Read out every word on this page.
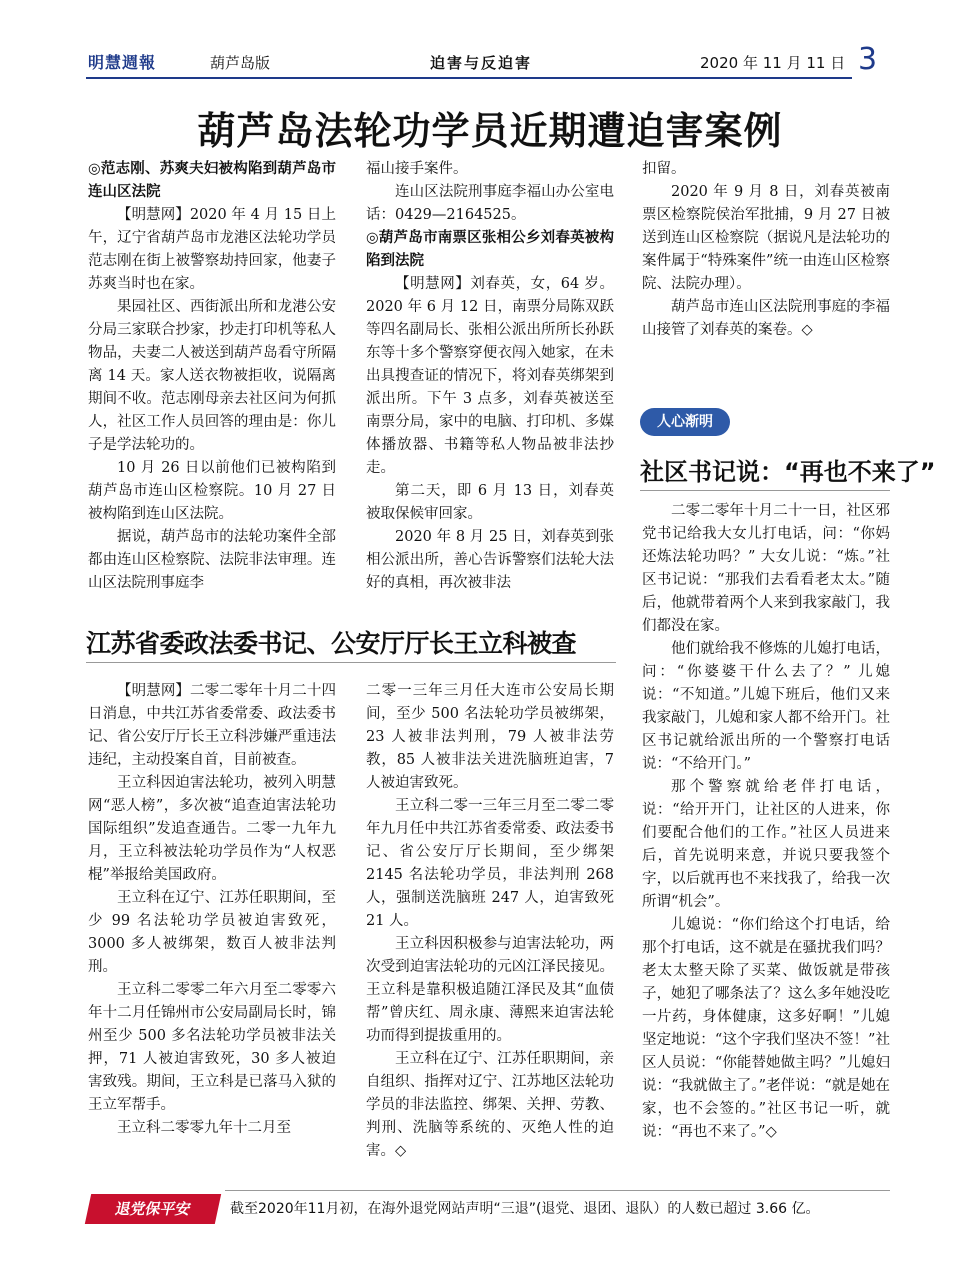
明慧週報	葫芦岛版	迫害与反迫害	2020 年 11 月 11 日 3
葫芦岛法轮功学员近期遭迫害案例

◎范志刚、苏爽夫妇被构陷到葫芦岛市连山区法院

【明慧网】2020 年 4 月 15 日上午，辽宁省葫芦岛市龙港区法轮功学员范志刚在街上被警察劫持回家，他妻子苏爽当时也在家。

果园社区、西街派出所和龙港公安分局三家联合抄家，抄走打印机等私人物品，夫妻二人被送到葫芦岛看守所隔离 14 天。家人送衣物被拒收，说隔离期间不收。范志刚母亲去社区问为何抓人，社区工作人员回答的理由是：你儿子是学法轮功的。

10 月 26 日以前他们已被构陷到葫芦岛市连山区检察院。10 月 27 日被构陷到连山区法院。

据说，葫芦岛市的法轮功案件全部都由连山区检察院、法院非法审理。连山区法院刑事庭李

福山接手案件。

连山区法院刑事庭李福山办公室电话：0429—2164525。

◎葫芦岛市南票区张相公乡刘春英被构陷到法院

【明慧网】刘春英，女，64 岁。2020 年 6 月 12 日，南票分局陈双跃等四名副局长、张相公派出所所长孙跃东等十多个警察穿便衣闯入她家，在未出具搜查证的情况下，将刘春英绑架到派出所。下午 3 点多，刘春英被送至南票分局，家中的电脑、打印机、多媒体播放器、书籍等私人物品被非法抄走。

第二天，即 6 月 13 日，刘春英被取保候审回家。

2020 年 8 月 25 日，刘春英到张相公派出所，善心告诉警察们法轮大法好的真相，再次被非法

扣留。

2020 年 9 月 8 日，刘春英被南票区检察院侯治军批捕，9 月 27 日被送到连山区检察院（据说凡是法轮功的案件属于“特殊案件”统一由连山区检察院、法院办理）。

葫芦岛市连山区法院刑事庭的李福山接管了刘春英的案卷。◇

江苏省委政法委书记、公安厅厅长王立科被查

【明慧网】二零二零年十月二十四日消息，中共江苏省委常委、政法委书记、省公安厅厅长王立科涉嫌严重违法违纪，主动投案自首，目前被查。

王立科因迫害法轮功，被列入明慧网“恶人榜”，多次被“追查迫害法轮功国际组织”发追查通告。二零一九年九月，王立科被法轮功学员作为“人权恶棍”举报给美国政府。

王立科在辽宁、江苏任职期间，至少 99 名法轮功学员被迫害致死，3000 多人被绑架，数百人被非法判刑。

王立科二零零二年六月至二零零六年十二月任锦州市公安局副局长时，锦州至少 500 多名法轮功学员被非法关押，71 人被迫害致死，30 多人被迫害致残。期间，王立科是已落马入狱的王立军帮手。

王立科二零零九年十二月至

二零一三年三月任大连市公安局长期间，至少 500 名法轮功学员被绑架，23 人被非法判刑，79 人被非法劳教，85 人被非法关进洗脑班迫害，7 人被迫害致死。

王立科二零一三年三月至二零二零年九月任中共江苏省委常委、政法委书记、省公安厅厅长期间，至少绑架 2145 名法轮功学员，非法判刑 268 人，强制送洗脑班 247 人，迫害致死 21 人。

王立科因积极参与迫害法轮功，两次受到迫害法轮功的元凶江泽民接见。王立科是靠积极追随江泽民及其“血债帮”曾庆红、周永康、薄熙来迫害法轮功而得到提拔重用的。

王立科在辽宁、江苏任职期间，亲自组织、指挥对辽宁、江苏地区法轮功学员的非法监控、绑架、关押、劳教、判刑、洗脑等系统的、灭绝人性的迫害。◇

人心渐明
社区书记说：“再也不来了”

二零二零年十月二十一日，社区邪党书记给我大女儿打电话，问：“你妈还炼法轮功吗？” 大女儿说：“炼。”社区书记说：“那我们去看看老太太。”随后，他就带着两个人来到我家敲门，我们都没在家。

他们就给我不修炼的儿媳打电话，问：“你婆婆干什么去了？” 儿媳说：“不知道。”儿媳下班后，他们又来我家敲门，儿媳和家人都不给开门。社区书记就给派出所的一个警察打电话说：“不给开门。”

那个警察就给老伴打电话，说：“给开开门，让社区的人进来，你们要配合他们的工作。”社区人员进来后，首先说明来意，并说只要我签个字，以后就再也不来找我了，给我一次所谓“机会”。

儿媳说：“你们给这个打电话，给那个打电话，这不就是在骚扰我们吗？老太太整天除了买菜、做饭就是带孩子，她犯了哪条法了？这么多年她没吃一片药，身体健康，这多好啊！”儿媳坚定地说：“这个字我们坚决不签！”社区人员说：“你能替她做主吗？”儿媳妇说：“我就做主了。”老伴说：“就是她在家，也不会签的。”社区书记一听，就说：“再也不来了。”◇

退党保平安	截至2020年11月初，在海外退党网站声明“三退”(退党、退团、退队）的人数已超过 3.66 亿。
